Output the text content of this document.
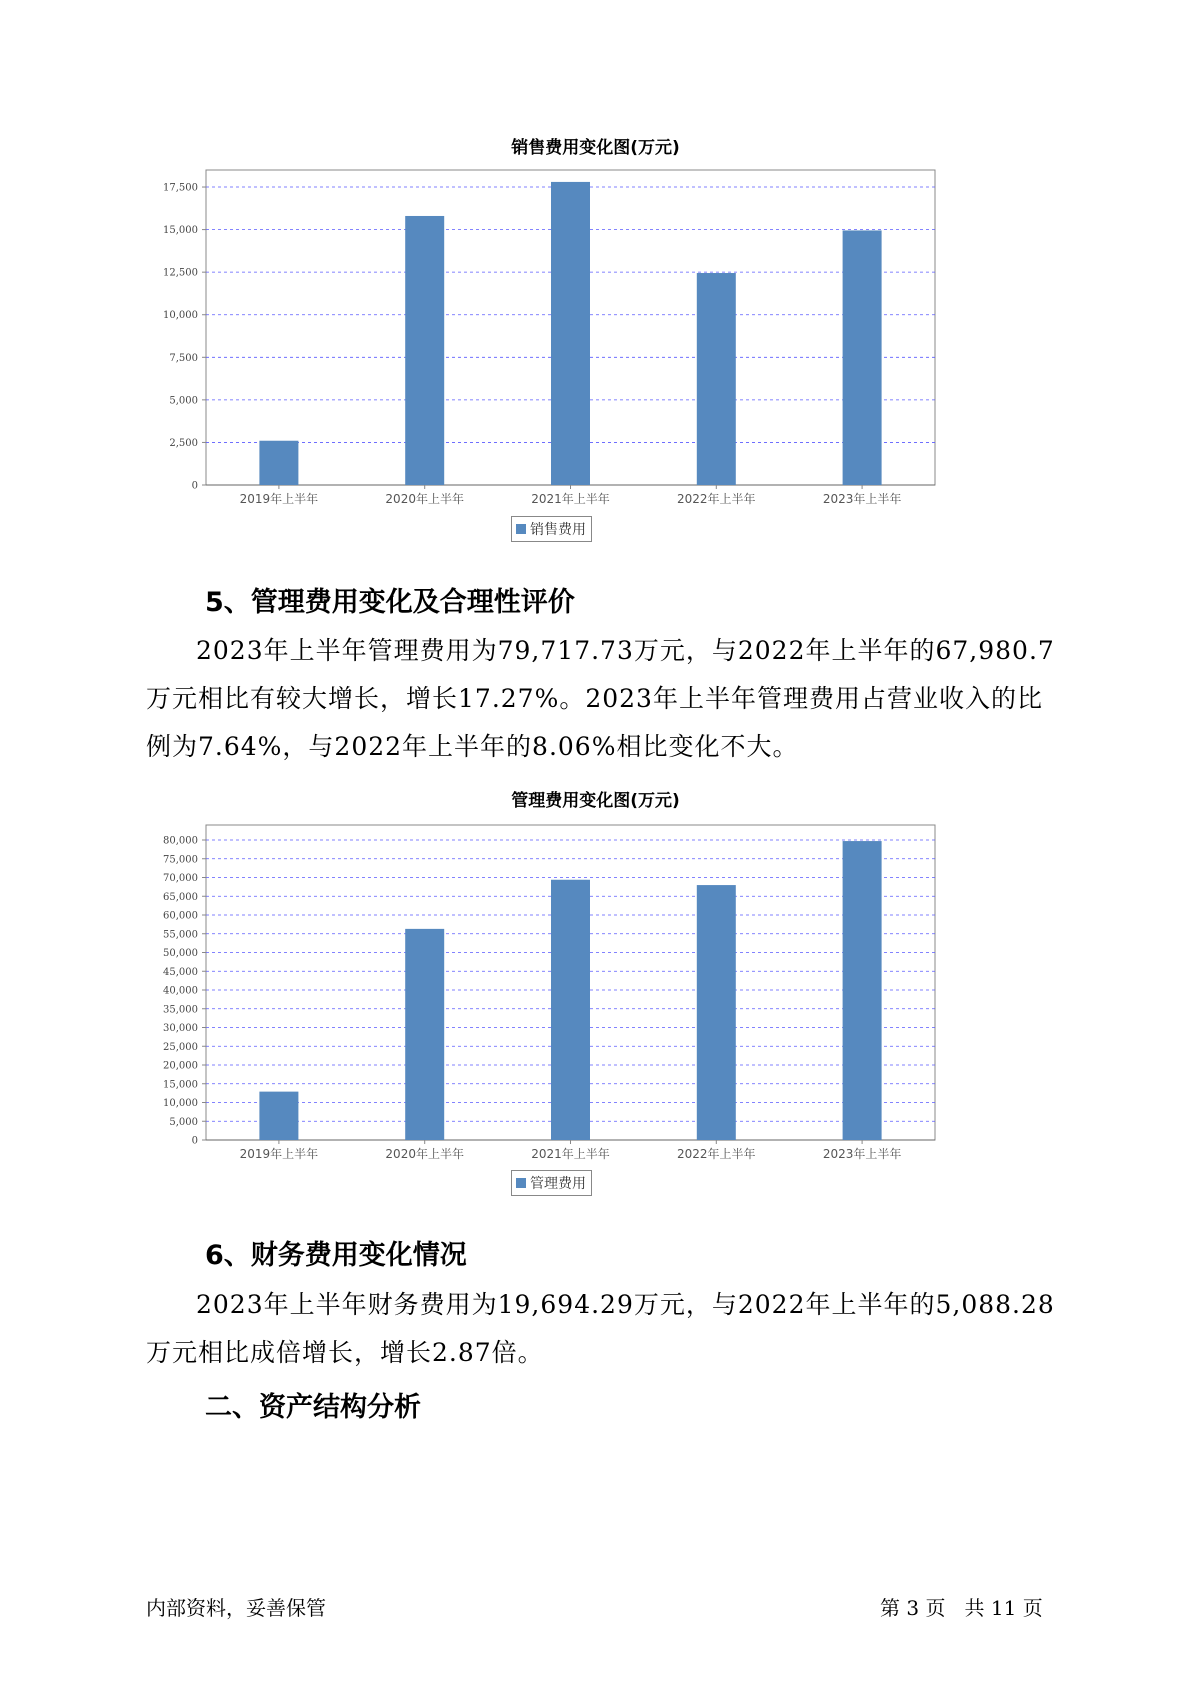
销售费用变化图(万元)
0
2,500
5,000
7,500
10,000
12,500
15,000
17,500
2019年上半年	2020年上半年	2021年上半年	2022年上半年	2023年上半年
销售费用
5、管理费用变化及合理性评价
2023年上半年管理费用为79,717.73万元，与2022年上半年的67,980.7万元相比有较大增长，增长17.27%。2023年上半年管理费用占营业收入的比例为7.64%，与2022年上半年的8.06%相比变化不大。
管理费用变化图(万元)
0
5,000
10,000
15,000
20,000
25,000
30,000
35,000
40,000
45,000
50,000
55,000
60,000
65,000
70,000
75,000
80,000
2019年上半年	2020年上半年	2021年上半年	2022年上半年	2023年上半年
管理费用
6、财务费用变化情况
2023年上半年财务费用为19,694.29万元，与2022年上半年的5,088.28万元相比成倍增长，增长2.87倍。
二、资产结构分析
内部资料，妥善保管	第 3 页 共 11 页
